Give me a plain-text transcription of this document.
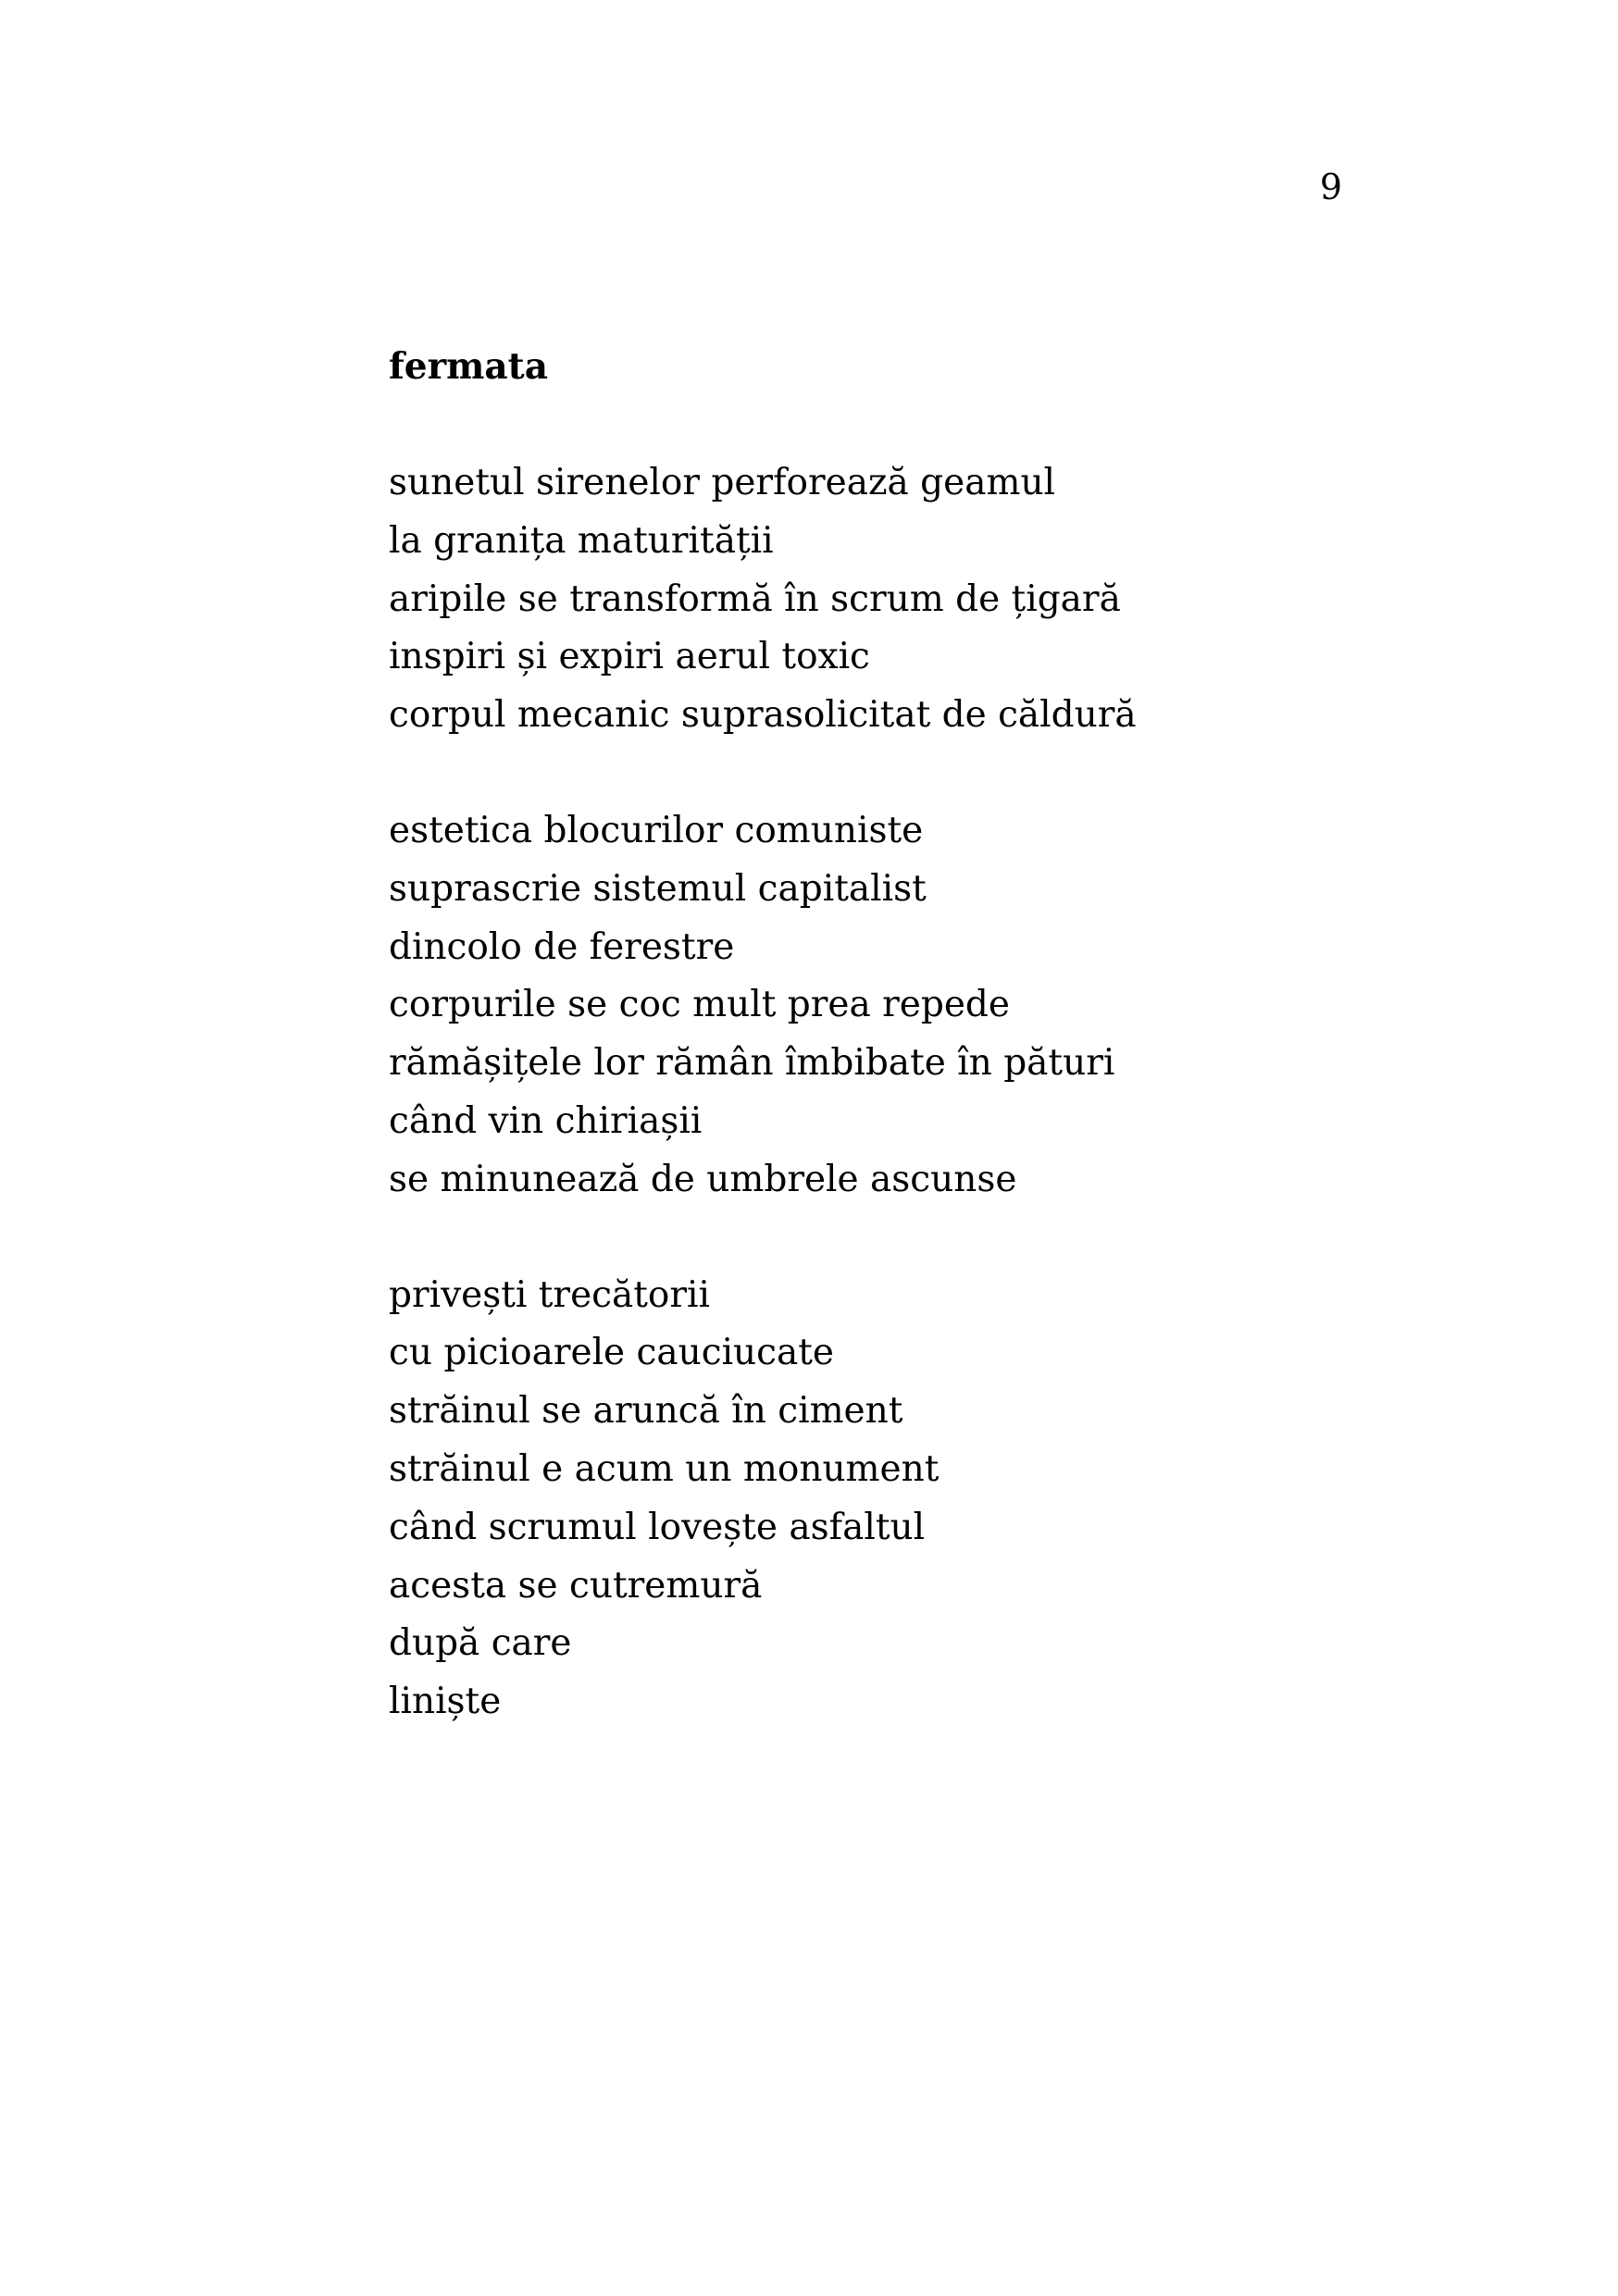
9
fermata
sunetul sirenelor perforează geamul
la granița maturității
aripile se transformă în scrum de țigară
inspiri și expiri aerul toxic
corpul mecanic suprasolicitat de căldură
estetica blocurilor comuniste
suprascrie sistemul capitalist
dincolo de ferestre
corpurile se coc mult prea repede
rămășițele lor rămân îmbibate în pături
când vin chiriașii
se minunează de umbrele ascunse
privești trecătorii
cu picioarele cauciucate
străinul se aruncă în ciment
străinul e acum un monument
când scrumul lovește asfaltul
acesta se cutremură
după care
liniște
